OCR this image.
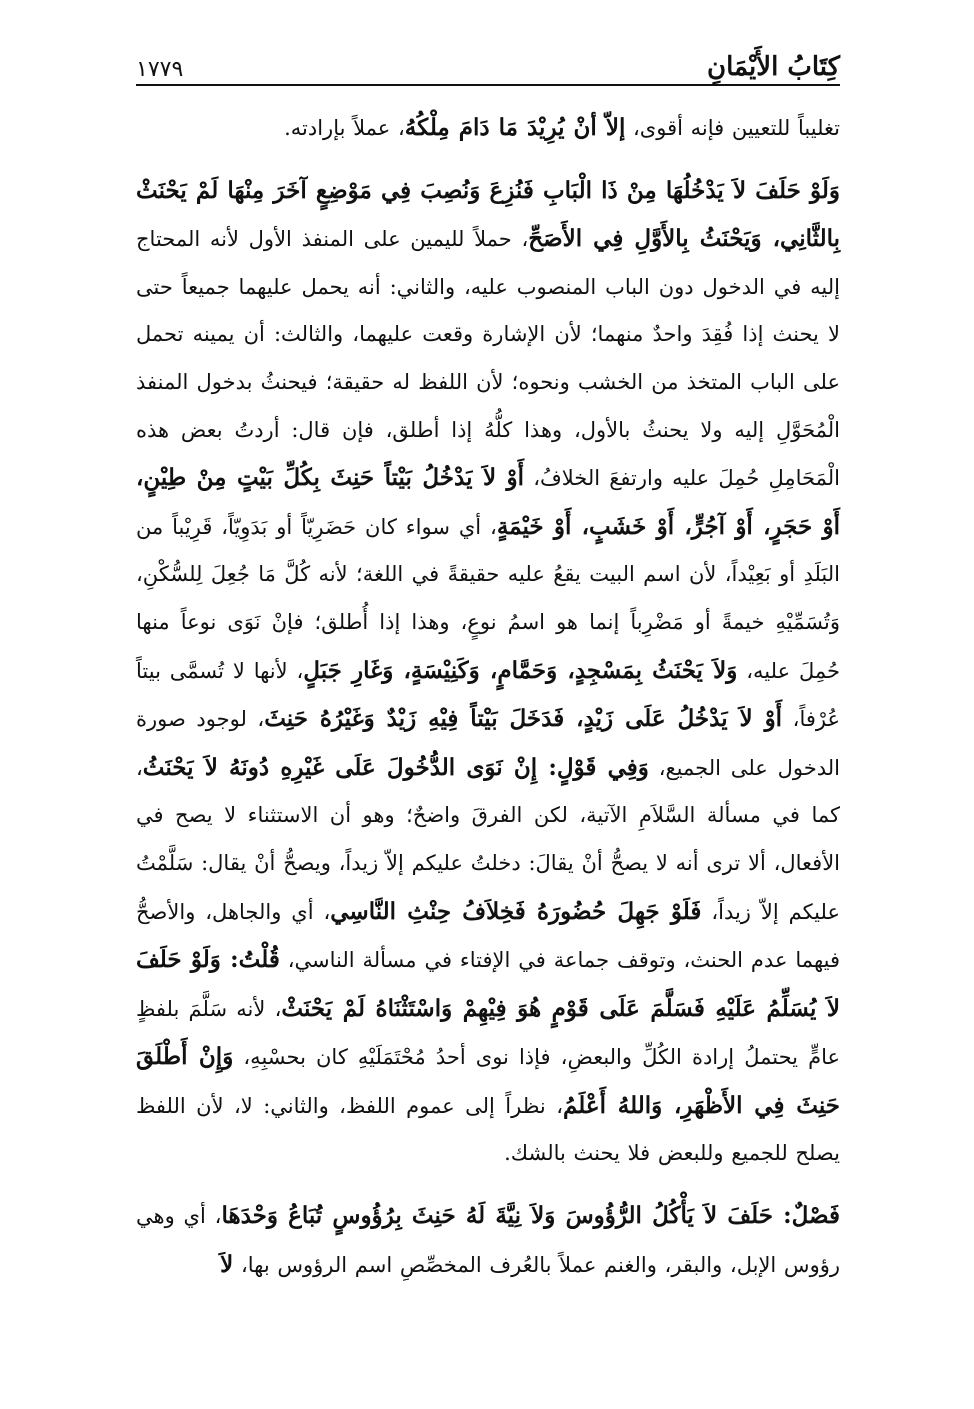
كِتَابُ الأَيْمَانِ
١٧٧٩

تغليباً للتعيين فإنه أقوى، إلاّ أنْ يُرِيْدَ مَا دَامَ مِلْكُهُ، عملاً بإرادته.

وَلَوْ حَلَفَ لاَ يَدْخُلُهَا مِنْ ذَا الْبَابِ فَنُزِعَ وَنُصِبَ فِي مَوْضِعٍ آخَرَ مِنْهَا لَمْ يَحْنَثْ بِالثَّانِي، وَيَحْنَثُ بِالأَوَّلِ فِي الأَصَحِّ، حملاً لليمين على المنفذ الأول لأنه المحتاج إليه في الدخول دون الباب المنصوب عليه، والثاني: أنه يحمل عليهما جميعاً حتى لا يحنث إذا فُقِدَ واحدٌ منهما؛ لأن الإشارة وقعت عليهما، والثالث: أن يمينه تحمل على الباب المتخذ من الخشب ونحوه؛ لأن اللفظ له حقيقة؛ فيحنثُ بدخول المنفذ الْمُحَوَّلِ إليه ولا يحنثُ بالأول، وهذا كلُّهُ إذا أطلق، فإن قال: أردتُ بعض هذه الْمَحَامِلِ حُمِلَ عليه وارتفعَ الخلافُ، أَوْ لاَ يَدْخُلُ بَيْتاً حَنِثَ بِكُلِّ بَيْتٍ مِنْ طِيْنٍ، أَوْ حَجَرٍ، أَوْ آجُرٍّ، أَوْ خَشَبٍ، أَوْ خَيْمَةٍ، أي سواء كان حَضَرِيّاً أو بَدَوِيّاً، قَرِيْباً من البَلَدِ أو بَعِيْداً، لأن اسم البيت يقعُ عليه حقيقةً في اللغة؛ لأنه كُلَّ مَا جُعِلَ لِلسُّكْنِ، وَتُسَمِّيْهِ خيمةً أو مَضْرِباً إنما هو اسمُ نوعٍ، وهذا إذا أُطلق؛ فإنْ نَوَى نوعاً منها حُمِلَ عليه، وَلاَ يَحْنَثُ بِمَسْجِدٍ، وَحَمَّامٍ، وَكَنِيْسَةٍ، وَغَارِ جَبَلٍ، لأنها لا تُسمَّى بيتاً عُرْفاً، أَوْ لاَ يَدْخُلُ عَلَى زَيْدٍ، فَدَخَلَ بَيْتاً فِيْهِ زَيْدٌ وَغَيْرُهُ حَنِثَ، لوجود صورة الدخول على الجميع، وَفِي قَوْلٍ: إِنْ نَوَى الدُّخُولَ عَلَى غَيْرِهِ دُونَهُ لاَ يَحْنَثُ، كما في مسألة السَّلاَمِ الآتية، لكن الفرقَ واضحٌ؛ وهو أن الاستثناء لا يصح في الأفعال، ألا ترى أنه لا يصحُّ أنْ يقالَ: دخلتُ عليكم إلاّ زيداً، ويصحُّ أنْ يقال: سَلَّمْتُ عليكم إلاّ زيداً، فَلَوْ جَهِلَ حُضُورَهُ فَخِلاَفُ حِنْثِ النَّاسِي، أي والجاهل، والأصحُّ فيهما عدم الحنث، وتوقف جماعة في الإفتاء في مسألة الناسي، قُلْتُ: وَلَوْ حَلَفَ لاَ يُسَلِّمُ عَلَيْهِ فَسَلَّمَ عَلَى قَوْمٍ هُوَ فِيْهِمْ وَاسْتَثْنَاهُ لَمْ يَحْنَثْ، لأنه سَلَّمَ بلفظٍ عامٍّ يحتملُ إرادة الكُلِّ والبعضِ، فإذا نوى أحدُ مُحْتَمَلَيْهِ كان بحسْبِهِ، وَإِنْ أَطْلَقَ حَنِثَ فِي الأَظْهَرِ، وَاللهُ أَعْلَمُ، نظراً إلى عموم اللفظ، والثاني: لا، لأن اللفظ يصلح للجميع وللبعض فلا يحنث بالشك.

فَصْلٌ: حَلَفَ لاَ يَأْكُلُ الرُّؤُوسَ وَلاَ نِيَّةَ لَهُ حَنِثَ بِرُؤُوسٍ تُبَاعُ وَحْدَهَا، أي وهي رؤوس الإبل، والبقر، والغنم عملاً بالعُرف المخصِّصِ اسم الرؤوس بها، لاَ
